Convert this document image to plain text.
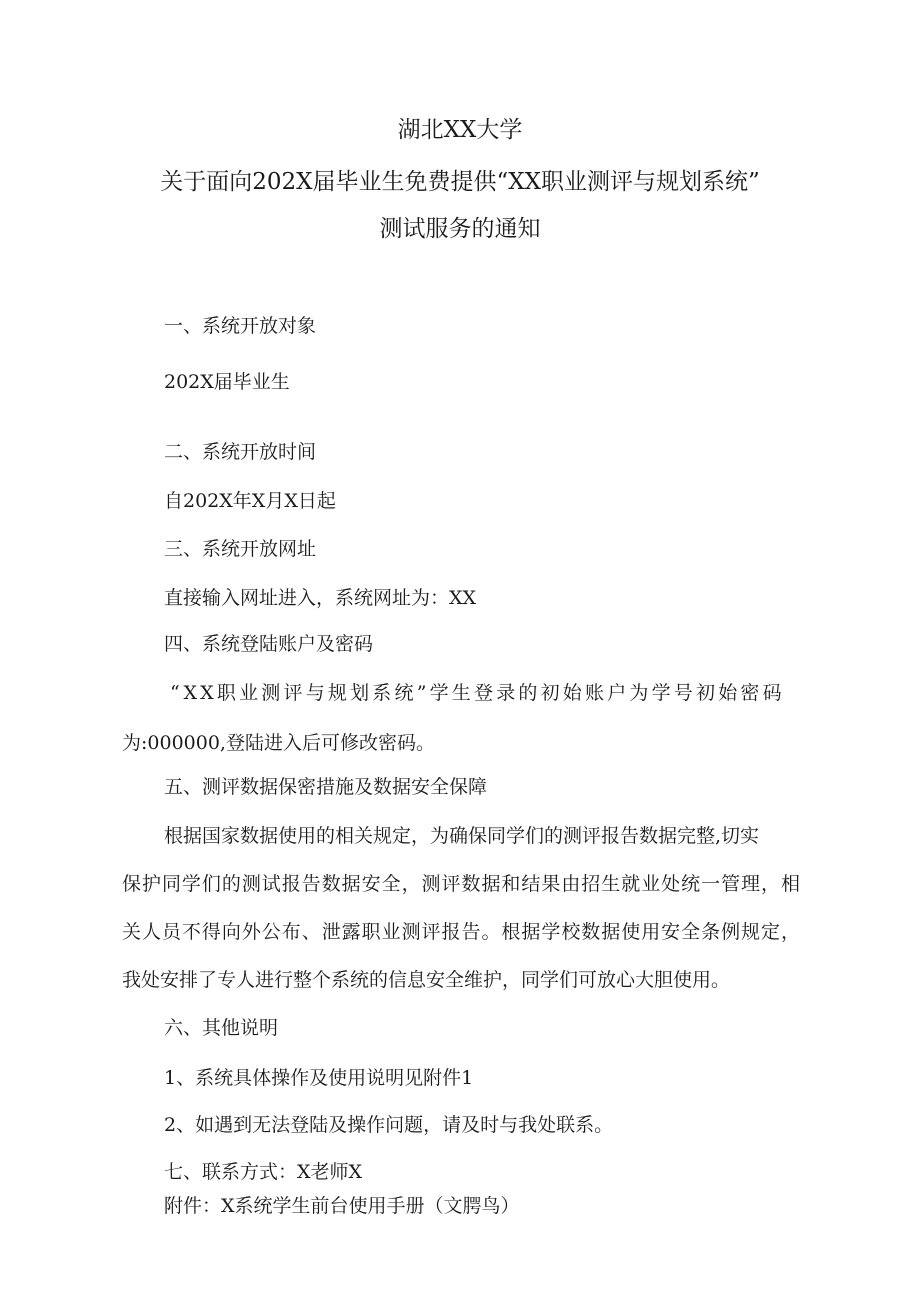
湖北XX大学
关于面向202X届毕业生免费提供“XX职业测评与规划系统”
测试服务的通知
一、系统开放对象
202X届毕业生
二、系统开放时间
自202X年X月X日起
三、系统开放网址
直接输入网址进入，系统网址为：XX
四、系统登陆账户及密码
“XX职业测评与规划系统”学生登录的初始账户为学号初始密码
为:000000,登陆进入后可修改密码。
五、测评数据保密措施及数据安全保障
根据国家数据使用的相关规定，为确保同学们的测评报告数据完整,切实
保护同学们的测试报告数据安全，测评数据和结果由招生就业处统一管理，相
关人员不得向外公布、泄露职业测评报告。根据学校数据使用安全条例规定，
我处安排了专人进行整个系统的信息安全维护，同学们可放心大胆使用。
六、其他说明
1、系统具体操作及使用说明见附件1
2、如遇到无法登陆及操作问题，请及时与我处联系。
七、联系方式：X老师X
附件：X系统学生前台使用手册（文腭鸟）
